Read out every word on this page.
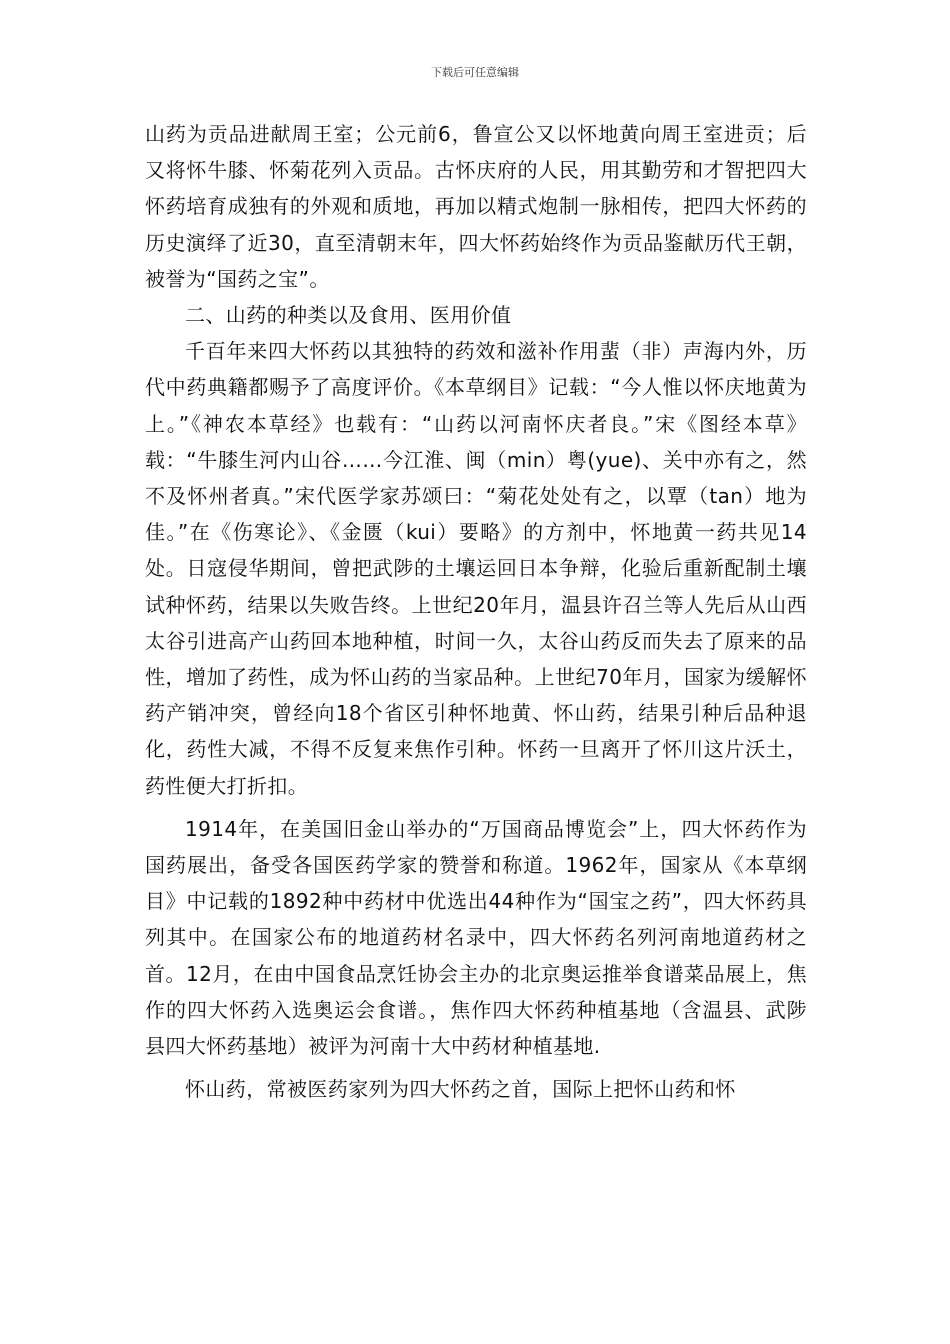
下载后可任意编辑

山药为贡品进献周王室；公元前6，鲁宣公又以怀地黄向周王室进贡；后又将怀牛膝、怀菊花列入贡品。古怀庆府的人民，用其勤劳和才智把四大怀药培育成独有的外观和质地，再加以精式炮制一脉相传，把四大怀药的历史演绎了近30，直至清朝末年，四大怀药始终作为贡品鉴献历代王朝，被誉为“国药之宝”。

二、山药的种类以及食用、医用价值

千百年来四大怀药以其独特的药效和滋补作用蜚（非）声海内外，历代中药典籍都赐予了高度评价。《本草纲目》记载：“今人惟以怀庆地黄为上。”《神农本草经》也载有：“山药以河南怀庆者良。”宋《图经本草》载：“牛膝生河内山谷……今江淮、闽（min）粤(yue)、关中亦有之，然不及怀州者真。”宋代医学家苏颂曰：“菊花处处有之，以覃（tan）地为佳。”在《伤寒论》、《金匮（kui）要略》的方剂中，怀地黄一药共见14处。日寇侵华期间，曾把武陟的土壤运回日本争辩，化验后重新配制土壤试种怀药，结果以失败告终。上世纪20年月，温县许召兰等人先后从山西太谷引进高产山药回本地种植，时间一久，太谷山药反而失去了原来的品性，增加了药性，成为怀山药的当家品种。上世纪70年月，国家为缓解怀药产销冲突，曾经向18个省区引种怀地黄、怀山药，结果引种后品种退化，药性大减，不得不反复来焦作引种。怀药一旦离开了怀川这片沃土，药性便大打折扣。

1914年，在美国旧金山举办的“万国商品博览会”上，四大怀药作为国药展出，备受各国医药学家的赞誉和称道。1962年，国家从《本草纲目》中记载的1892种中药材中优选出44种作为“国宝之药”，四大怀药具列其中。在国家公布的地道药材名录中，四大怀药名列河南地道药材之首。12月，在由中国食品烹饪协会主办的北京奥运推举食谱菜品展上，焦作的四大怀药入选奥运会食谱。，焦作四大怀药种植基地（含温县、武陟县四大怀药基地）被评为河南十大中药材种植基地.

怀山药，常被医药家列为四大怀药之首，国际上把怀山药和怀
